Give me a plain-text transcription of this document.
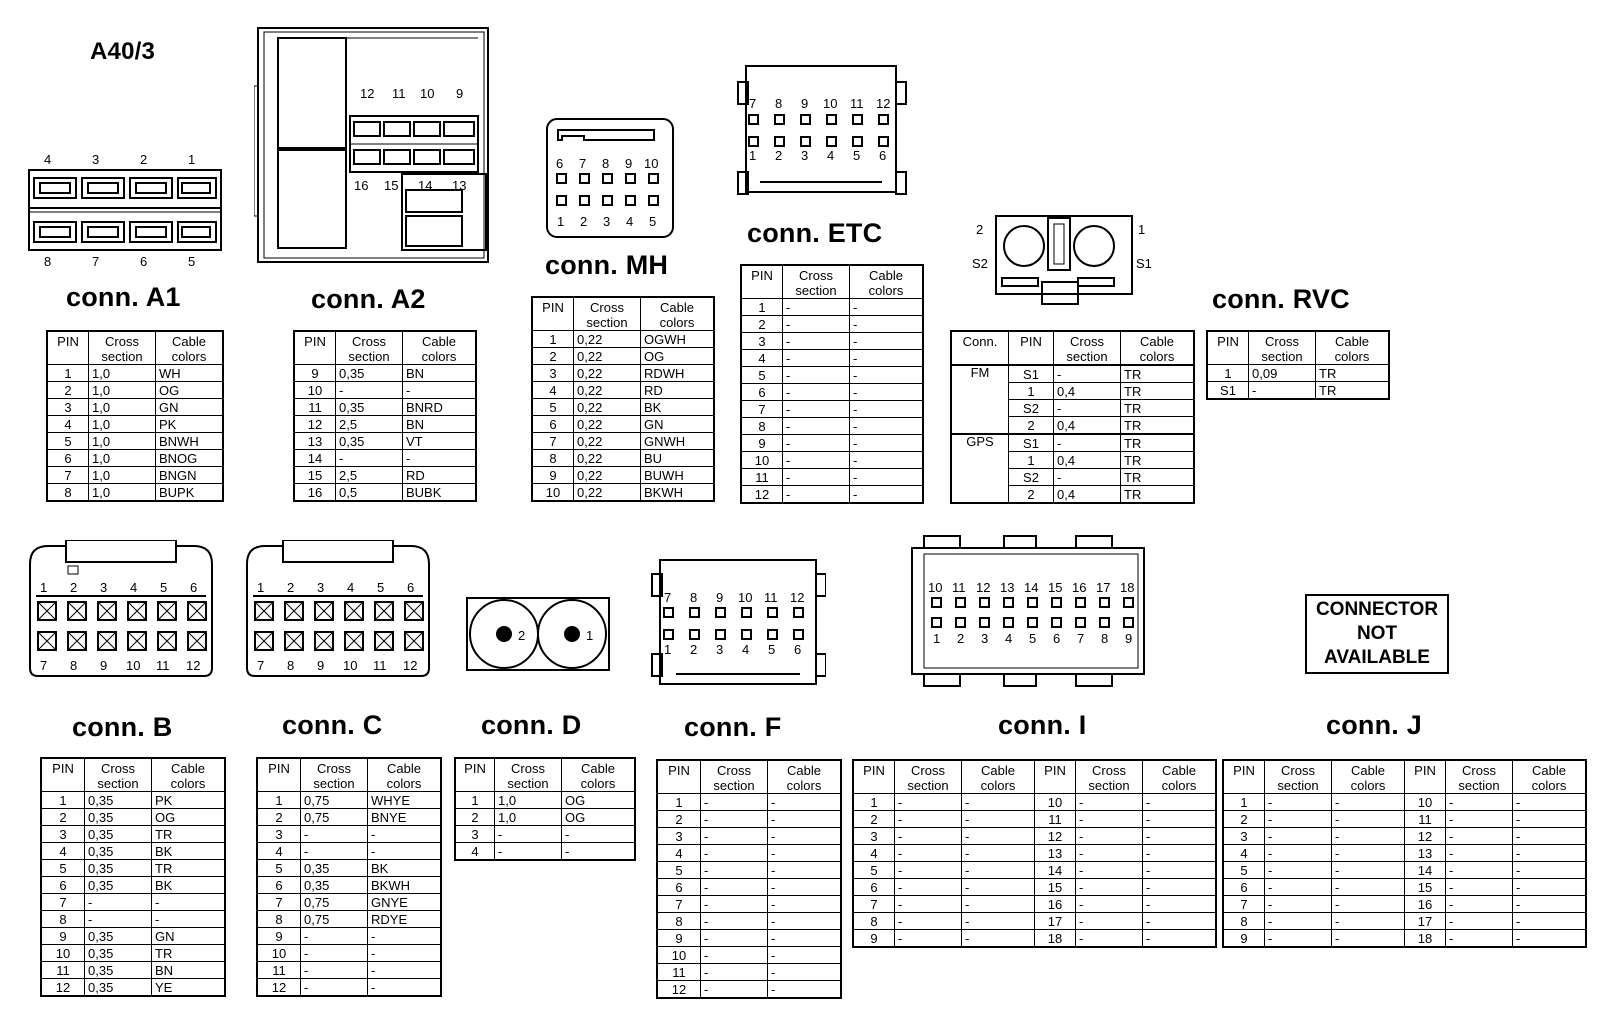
A40/3
conn. A1	conn. A2
conn. MH
conn. ETC
conn. RVC
conn. B	conn. C	conn. D	conn. F	conn. I	conn. J
4	3	2	1
8	7	6	5
12 11 10 9
16 15 14 13
6 7 8 9 10
1 2 3 4 5
7 8 9 10 11 12
1 2 3 4 5 6
2	1
S2	S1
1 2 3 4 5 6
7 8 9 10 11 12
1 2 3 4 5 6
7 8 9 10 11 12
2	1
7 8 9 10 11 12
1 2 3 4 5 6
10 11 12 13 14 15 16 17 18
1 2 3 4 5 6 7 8 9
CONNECTOR
NOT
AVAILABLE
PIN	Cross section	Cable colors
1	1,0	WH
2	1,0	OG
3	1,0	GN
4	1,0	PK
5	1,0	BNWH
6	1,0	BNOG
7	1,0	BNGN
8	1,0	BUPK
PIN	Cross section	Cable colors
9	0,35	BN
10	-	-
11	0,35	BNRD
12	2,5	BN
13	0,35	VT
14	-	-
15	2,5	RD
16	0,5	BUBK
PIN	Cross section	Cable colors
1	0,22	OGWH
2	0,22	OG
3	0,22	RDWH
4	0,22	RD
5	0,22	BK
6	0,22	GN
7	0,22	GNWH
8	0,22	BU
9	0,22	BUWH
10	0,22	BKWH
PIN	Cross section	Cable colors
1	-	-
2	-	-
3	-	-
4	-	-
5	-	-
6	-	-
7	-	-
8	-	-
9	-	-
10	-	-
11	-	-
12	-	-
Conn.	PIN	Cross section	Cable colors
FM	S1	-	TR
	1	0,4	TR
	S2	-	TR
	2	0,4	TR
GPS	S1	-	TR
	1	0,4	TR
	S2	-	TR
	2	0,4	TR
PIN	Cross section	Cable colors
1	0,09	TR
S1	-	TR
PIN	Cross section	Cable colors
1	0,35	PK
2	0,35	OG
3	0,35	TR
4	0,35	BK
5	0,35	TR
6	0,35	BK
7	-	-
8	-	-
9	0,35	GN
10	0,35	TR
11	0,35	BN
12	0,35	YE
PIN	Cross section	Cable colors
1	0,75	WHYE
2	0,75	BNYE
3	-	-
4	-	-
5	0,35	BK
6	0,35	BKWH
7	0,75	GNYE
8	0,75	RDYE
9	-	-
10	-	-
11	-	-
12	-	-
PIN	Cross section	Cable colors
1	1,0	OG
2	1,0	OG
3	-	-
4	-	-
PIN	Cross section	Cable colors
1	-	-
2	-	-
3	-	-
4	-	-
5	-	-
6	-	-
7	-	-
8	-	-
9	-	-
10	-	-
11	-	-
12	-	-
PIN	Cross section	Cable colors	PIN	Cross section	Cable colors
1	-	-	10	-	-
2	-	-	11	-	-
3	-	-	12	-	-
4	-	-	13	-	-
5	-	-	14	-	-
6	-	-	15	-	-
7	-	-	16	-	-
8	-	-	17	-	-
9	-	-	18	-	-
PIN	Cross section	Cable colors	PIN	Cross section	Cable colors
1	-	-	10	-	-
2	-	-	11	-	-
3	-	-	12	-	-
4	-	-	13	-	-
5	-	-	14	-	-
6	-	-	15	-	-
7	-	-	16	-	-
8	-	-	17	-	-
9	-	-	18	-	-
